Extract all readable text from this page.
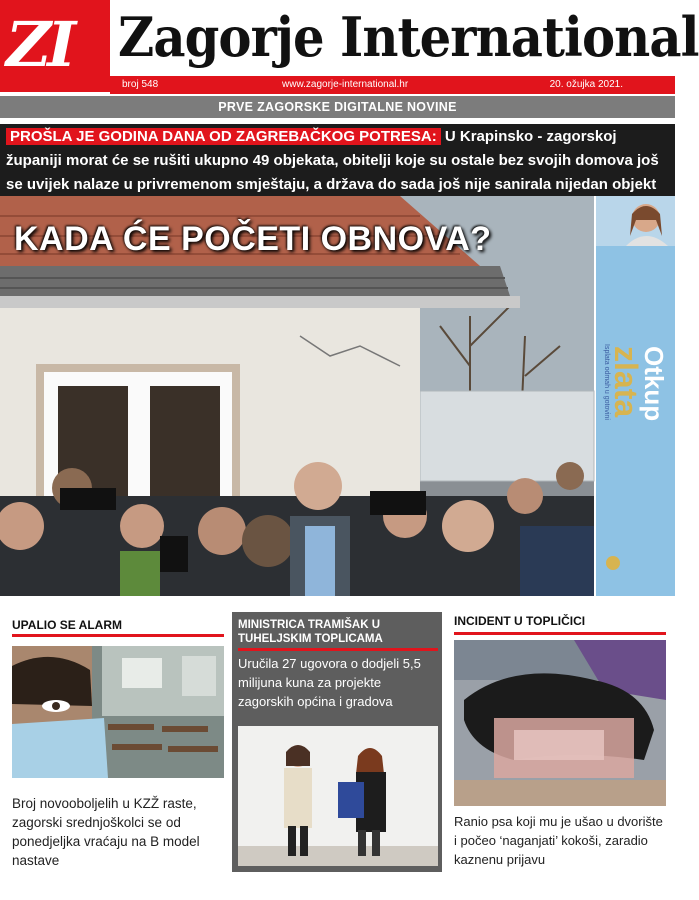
ZI Zagorje International
broj 548	www.zagorje-international.hr	20. ožujka 2021.
PRVE ZAGORSKE DIGITALNE NOVINE
PROŠLA JE GODINA DANA OD ZAGREBAČKOG POTRESA: U Krapinsko - zagorskoj županiji morat će se rušiti ukupno 49 objekata, obitelji koje su ostale bez svojih domova još se uvijek nalaze u privremenom smještaju, a država do sada još nije sanirala nijedan objekt
KADA ĆE POČETI OBNOVA?
Otkup
zlata
Isplata odmah u gotovini
UPALIO SE ALARM
Broj novooboljelih u KZŽ raste, zagorski srednjoškolci se od ponedjeljka vraćaju na B model nastave
MINISTRICA TRAMIŠAK U TUHELJSKIM TOPLICAMA
Uručila 27 ugovora o dodjeli 5,5 milijuna kuna za projekte zagorskih općina i gradova
INCIDENT U TOPLIČICI
Ranio psa koji mu je ušao u dvorište i počeo ‘naganjati’ kokoši, zaradio kaznenu prijavu
